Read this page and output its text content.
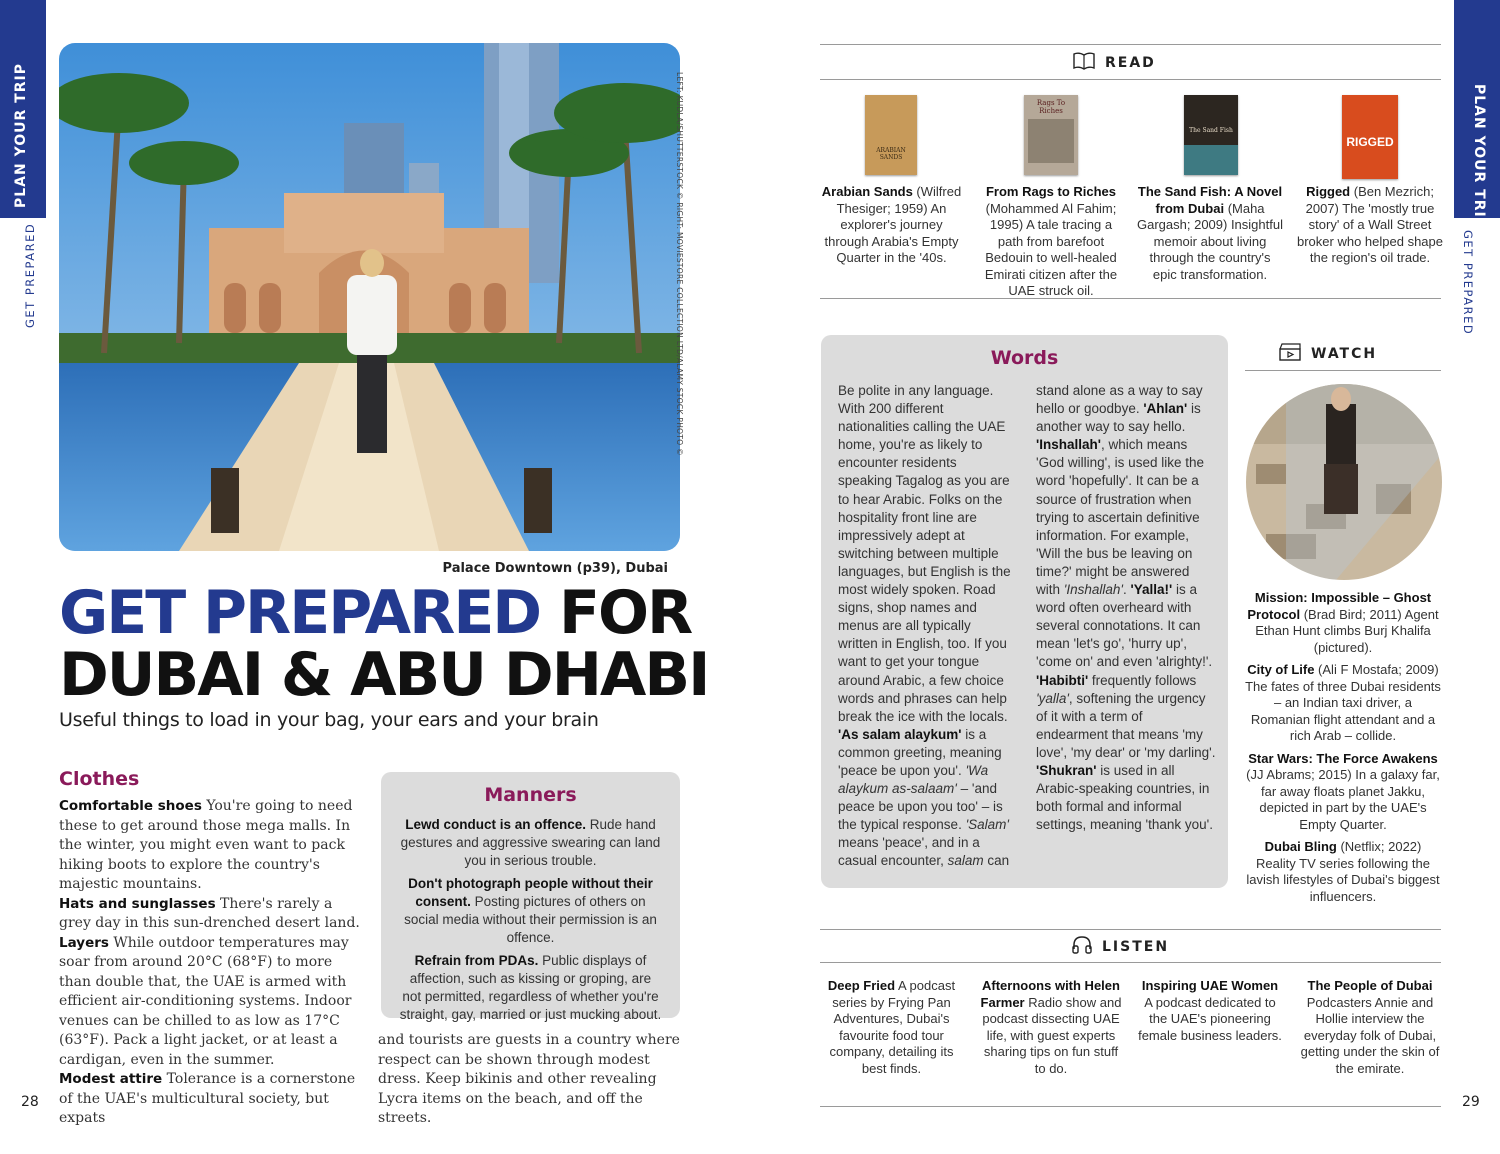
PLAN YOUR TRIP
GET PREPARED	LEFT: KUDLA/SHUTTERSTOCK © RIGHT: MOVIESTORE COLLECTION LTD/ALAMY STOCK PHOTO ©
Palace Downtown (p39), Dubai
GET PREPARED FOR
DUBAI & ABU DHABI
Useful things to load in your bag, your ears and your brain
Clothes
Comfortable shoes You're going to need these to get around those mega malls. In the winter, you might even want to pack hiking boots to explore the country's majestic mountains.
Hats and sunglasses There's rarely a grey day in this sun-drenched desert land.
Layers While outdoor temperatures may soar from around 20°C (68°F) to more than double that, the UAE is armed with efficient air-conditioning systems. Indoor venues can be chilled to as low as 17°C (63°F). Pack a light jacket, or at least a cardigan, even in the summer.
Modest attire Tolerance is a cornerstone of the UAE's multicultural society, but expats
Manners

Lewd conduct is an offence. Rude hand gestures and aggressive swearing can land you in serious trouble.

Don't photograph people without their consent. Posting pictures of others on social media without their permission is an offence.

Refrain from PDAs. Public displays of affection, such as kissing or groping, are not permitted, regardless of whether you're straight, gay, married or just mucking about.

and tourists are guests in a country where respect can be shown through modest dress. Keep bikinis and other revealing Lycra items on the beach, and off the streets.
28
PLAN YOUR TRIP
GET PREPARED
READ
ARABIAN SANDS
Rags To Riches
The Sand Fish
RIGGED
Arabian Sands (Wilfred Thesiger; 1959) An explorer's journey through Arabia's Empty Quarter in the '40s.
From Rags to Riches (Mohammed Al Fahim; 1995) A tale tracing a path from barefoot Bedouin to well-healed Emirati citizen after the UAE struck oil.
The Sand Fish: A Novel from Dubai (Maha Gargash; 2009) Insightful memoir about living through the country's epic transformation.
Rigged (Ben Mezrich; 2007) The 'mostly true story' of a Wall Street broker who helped shape the region's oil trade.
Words
Be polite in any language. With 200 different nationalities calling the UAE home, you're as likely to encounter residents speaking Tagalog as you are to hear Arabic. Folks on the hospitality front line are impressively adept at switching between multiple languages, but English is the most widely spoken. Road signs, shop names and menus are all typically written in English, too. If you want to get your tongue around Arabic, a few choice words and phrases can help break the ice with the locals. 'As salam alaykum' is a common greeting, meaning 'peace be upon you'. 'Wa alaykum as-salaam' – 'and peace be upon you too' – is the typical response. 'Salam' means 'peace', and in a casual encounter, salam can
stand alone as a way to say hello or goodbye. 'Ahlan' is another way to say hello. 'Inshallah', which means 'God willing', is used like the word 'hopefully'. It can be a source of frustration when trying to ascertain definitive information. For example, 'Will the bus be leaving on time?' might be answered with 'Inshallah'. 'Yalla!' is a word often overheard with several connotations. It can mean 'let's go', 'hurry up', 'come on' and even 'alrighty!'. 'Habibti' frequently follows 'yalla', softening the urgency of it with a term of endearment that means 'my love', 'my dear' or 'my darling'. 'Shukran' is used in all Arabic-speaking countries, in both formal and informal settings, meaning 'thank you'.
WATCH

Mission: Impossible – Ghost Protocol (Brad Bird; 2011) Agent Ethan Hunt climbs Burj Khalifa (pictured).

City of Life (Ali F Mostafa; 2009) The fates of three Dubai residents – an Indian taxi driver, a Romanian flight attendant and a rich Arab – collide.

Star Wars: The Force Awakens (JJ Abrams; 2015) In a galaxy far, far away floats planet Jakku, depicted in part by the UAE's Empty Quarter.

Dubai Bling (Netflix; 2022) Reality TV series following the lavish lifestyles of Dubai's biggest influencers.

LISTEN
Deep Fried A podcast series by Frying Pan Adventures, Dubai's favourite food tour company, detailing its best finds.
Afternoons with Helen Farmer Radio show and podcast dissecting UAE life, with guest experts sharing tips on fun stuff to do.
Inspiring UAE Women A podcast dedicated to the UAE's pioneering female business leaders.
The People of Dubai Podcasters Annie and Hollie interview the everyday folk of Dubai, getting under the skin of the emirate.
29
